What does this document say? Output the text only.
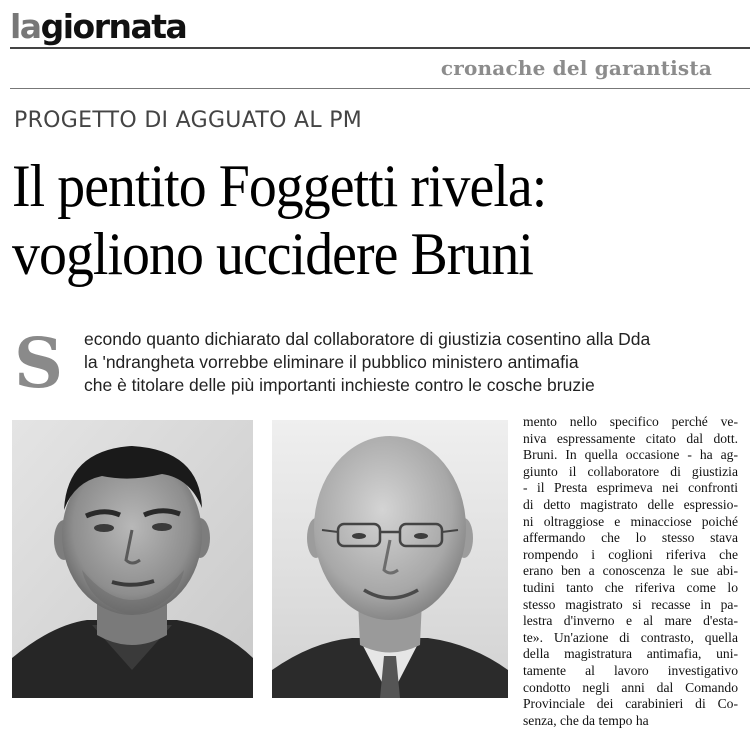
lagiornata
cronache del garantista
PROGETTO DI AGGUATO AL PM
Il pentito Foggetti rivela:
vogliono uccidere Bruni
S econdo quanto dichiarato dal collaboratore di giustizia cosentino alla Dda
la 'ndrangheta vorrebbe eliminare il pubblico ministero antimafia
che è titolare delle più importanti inchieste contro le cosche bruzie
mento nello specifico perché ve-
niva espressamente citato dal dott.
Bruni. In quella occasione - ha ag-
giunto il collaboratore di giustizia
- il Presta esprimeva nei confronti
di detto magistrato delle espressio-
ni oltraggiose e minacciose poiché
affermando che lo stesso stava
rompendo i coglioni riferiva che
erano ben a conoscenza le sue abi-
tudini tanto che riferiva come lo
stesso magistrato si recasse in pa-
lestra d'inverno e al mare d'esta-
te». Un'azione di contrasto, quella
della magistratura antimafia, uni-
tamente al lavoro investigativo
condotto negli anni dal Comando
Provinciale dei carabinieri di Co-
senza, che da tempo ha
